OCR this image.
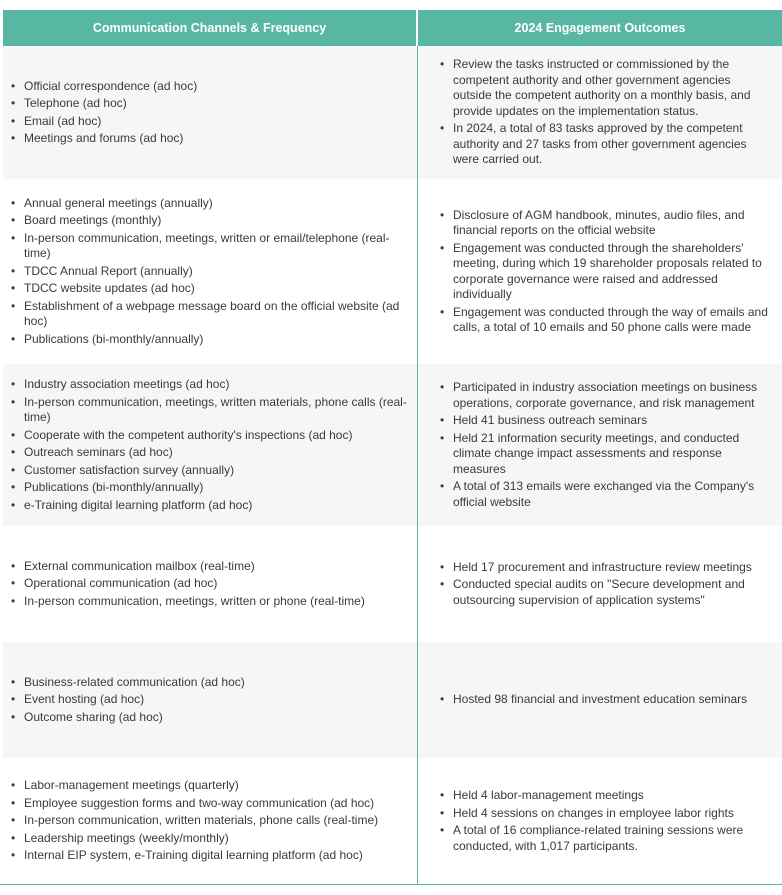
Communication Channels & Frequency	2024 Engagement Outcomes
• Official correspondence (ad hoc)
• Telephone (ad hoc)
• Email (ad hoc)
• Meetings and forums (ad hoc)
• Review the tasks instructed or commissioned by the competent authority and other government agencies outside the competent authority on a monthly basis, and provide updates on the implementation status.
• In 2024, a total of 83 tasks approved by the competent authority and 27 tasks from other government agencies were carried out.
• Annual general meetings (annually)
• Board meetings (monthly)
• In-person communication, meetings, written or email/telephone (real-time)
• TDCC Annual Report (annually)
• TDCC website updates (ad hoc)
• Establishment of a webpage message board on the official website (ad hoc)
• Publications (bi-monthly/annually)
• Disclosure of AGM handbook, minutes, audio files, and financial reports on the official website
• Engagement was conducted through the shareholders' meeting, during which 19 shareholder proposals related to corporate governance were raised and addressed individually
• Engagement was conducted through the way of emails and calls, a total of 10 emails and 50 phone calls were made
• Industry association meetings (ad hoc)
• In-person communication, meetings, written materials, phone calls (real-time)
• Cooperate with the competent authority's inspections (ad hoc)
• Outreach seminars (ad hoc)
• Customer satisfaction survey (annually)
• Publications (bi-monthly/annually)
• e-Training digital learning platform (ad hoc)
• Participated in industry association meetings on business operations, corporate governance, and risk management
• Held 41 business outreach seminars
• Held 21 information security meetings, and conducted climate change impact assessments and response measures
• A total of 313 emails were exchanged via the Company's official website
• External communication mailbox (real-time)
• Operational communication (ad hoc)
• In-person communication, meetings, written or phone (real-time)
• Held 17 procurement and infrastructure review meetings
• Conducted special audits on "Secure development and outsourcing supervision of application systems"
• Business-related communication (ad hoc)
• Event hosting (ad hoc)
• Outcome sharing (ad hoc)
• Hosted 98 financial and investment education seminars
• Labor-management meetings (quarterly)
• Employee suggestion forms and two-way communication (ad hoc)
• In-person communication, written materials, phone calls (real-time)
• Leadership meetings (weekly/monthly)
• Internal EIP system, e-Training digital learning platform (ad hoc)
• Held 4 labor-management meetings
• Held 4 sessions on changes in employee labor rights
• A total of 16 compliance-related training sessions were conducted, with 1,017 participants.
